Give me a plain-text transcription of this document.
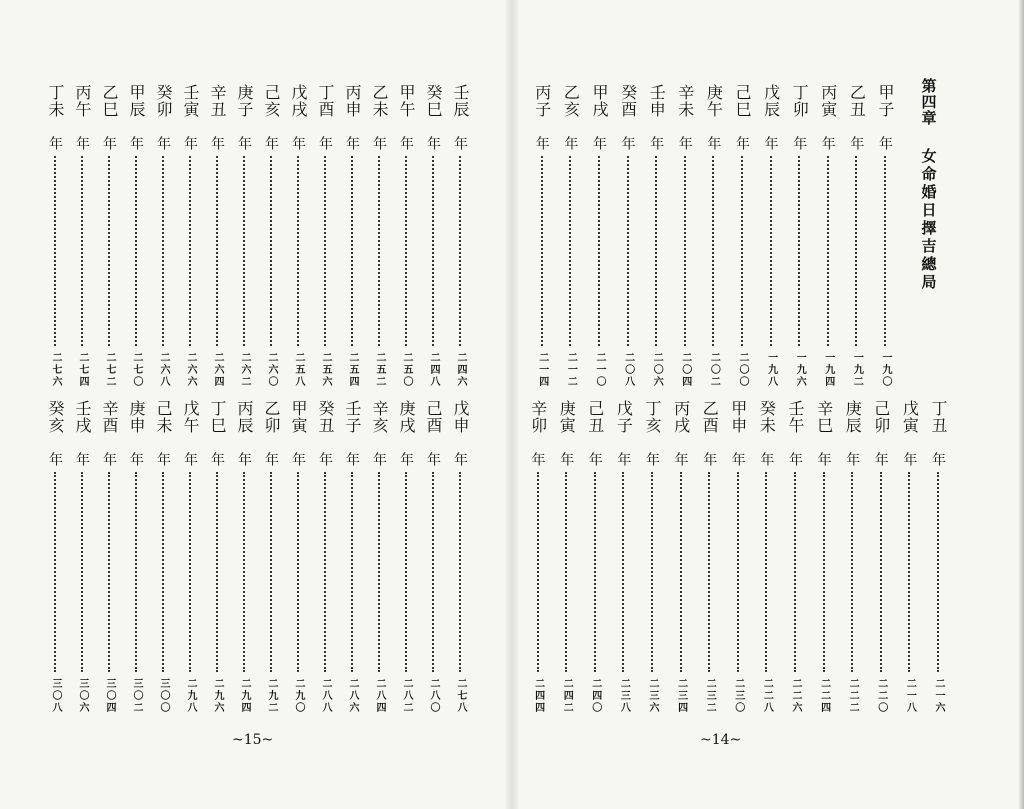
甲子
年
一九〇
乙丑
年
一九二
丙寅
年
一九四
丁卯
年
一九六
戊辰
年
一九八
己巳
年
二〇〇
庚午
年
二〇二
辛未
年
二〇四
壬申
年
二〇六
癸酉
年
二〇八
甲戌
年
二一〇
乙亥
年
二一二
丙子
年
二一四
丁丑
年
二一六
戊寅
年
二一八
己卯
年
二二〇
庚辰
年
二二二
辛巳
年
二二四
壬午
年
二二六
癸未
年
二二八
甲申
年
二三〇
乙酉
年
二三二
丙戌
年
二三四
丁亥
年
二三六
戊子
年
二三八
己丑
年
二四〇
庚寅
年
二四二
辛卯
年
二四四
壬辰
年
二四六
癸巳
年
二四八
甲午
年
二五〇
乙未
年
二五二
丙申
年
二五四
丁酉
年
二五六
戊戌
年
二五八
己亥
年
二六〇
庚子
年
二六二
辛丑
年
二六四
壬寅
年
二六六
癸卯
年
二六八
甲辰
年
二七〇
乙巳
年
二七二
丙午
年
二七四
丁未
年
二七六
戊申
年
二七八
己酉
年
二八〇
庚戌
年
二八二
辛亥
年
二八四
壬子
年
二八六
癸丑
年
二八八
甲寅
年
二九〇
乙卯
年
二九二
丙辰
年
二九四
丁巳
年
二九六
戊午
年
二九八
己未
年
三〇〇
庚申
年
三〇二
辛酉
年
三〇四
壬戌
年
三〇六
癸亥
年
三〇八
第四章
女命婚日擇吉總局
~15~	~14~
